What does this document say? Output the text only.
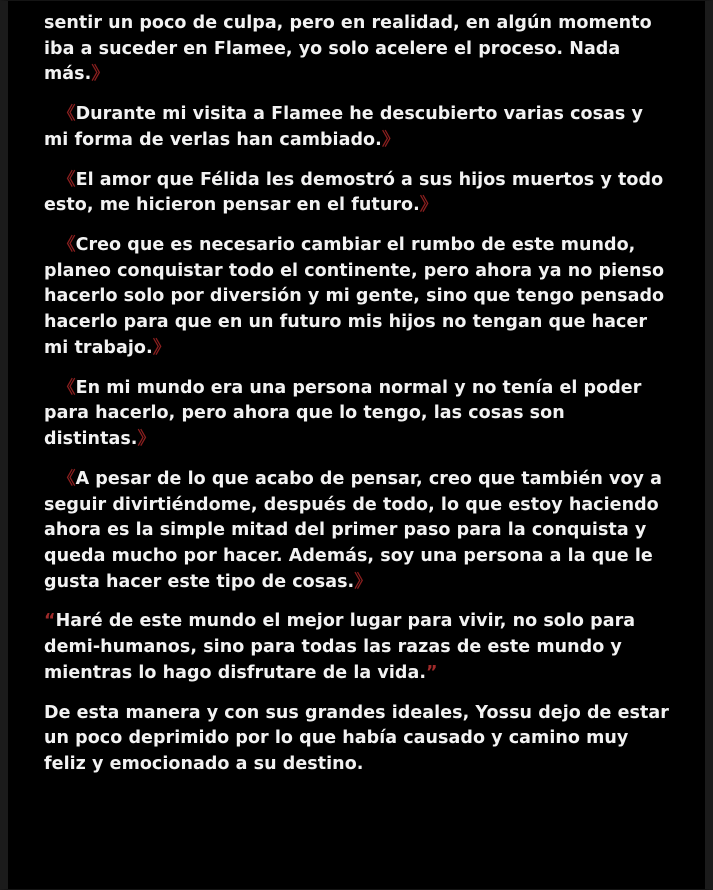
sentir un poco de culpa, pero en realidad, en algún momento iba a suceder en Flamee, yo solo acelere el proceso. Nada más.》

《Durante mi visita a Flamee he descubierto varias cosas y mi forma de verlas han cambiado.》

《El amor que Félida les demostró a sus hijos muertos y todo esto, me hicieron pensar en el futuro.》

《Creo que es necesario cambiar el rumbo de este mundo, planeo conquistar todo el continente, pero ahora ya no pienso hacerlo solo por diversión y mi gente, sino que tengo pensado hacerlo para que en un futuro mis hijos no tengan que hacer mi trabajo.》

《En mi mundo era una persona normal y no tenía el poder para hacerlo, pero ahora que lo tengo, las cosas son distintas.》

《A pesar de lo que acabo de pensar, creo que también voy a seguir divirtiéndome, después de todo, lo que estoy haciendo ahora es la simple mitad del primer paso para la conquista y queda mucho por hacer. Además, soy una persona a la que le gusta hacer este tipo de cosas.》

“Haré de este mundo el mejor lugar para vivir, no solo para demi-humanos, sino para todas las razas de este mundo y mientras lo hago disfrutare de la vida.”

De esta manera y con sus grandes ideales, Yossu dejo de estar un poco deprimido por lo que había causado y camino muy feliz y emocionado a su destino.
